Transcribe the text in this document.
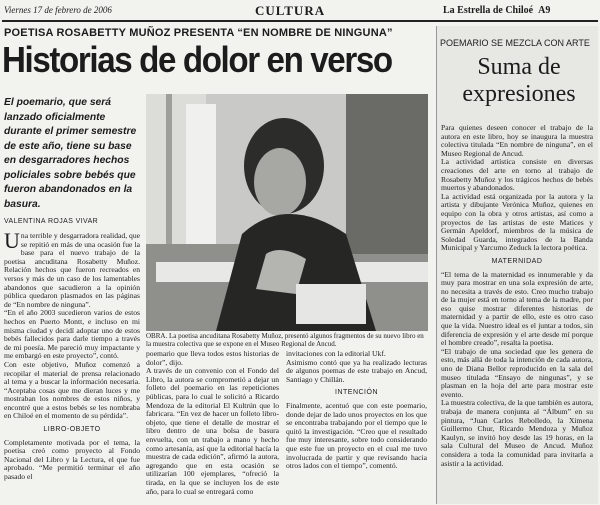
Viernes 17 de febrero de 2006	CULTURA	La Estrella de Chiloé A9
POETISA ROSABETTY MUÑOZ PRESENTA “EN NOMBRE DE NINGUNA”
Historias de dolor en verso
El poemario, que será lanzado oficialmente durante el primer semestre de este año, tiene su base en desgarradores hechos policiales sobre bebés que fueron abandonados en la basura.
VALENTINA ROJAS VIVAR
OBRA. La poetisa ancuditana Rosabetty Muñoz, presentó algunos fragmentos de su nuevo libro en la muestra colectiva que se expone en el Museo Regional de Ancud.

Una terrible y desgarradora realidad, que se repitió en más de una ocasión fue la base para el nuevo trabajo de la poetisa ancuditana Rosabetty Muñoz. Relación hechos que fueron recreados en versos y más de un caso de los lamentables abandonos que sacudieron a la opinión pública quedaron plasmados en las páginas de “En nombre de ninguna”.

“En el año 2003 sucedieron varios de estos hechos en Puerto Montt, e incluso en mi misma ciudad y decidí adoptar uno de estos bebés fallecidos para darle tiempo a través de mi poesía. Me pareció muy impactante y me embargó en este proyecto”, contó.

Con este objetivo, Muñoz comenzó a recopilar el material de prensa relacionado al tema y a buscar la información necesaria. “Aceptaba cosas que me dieran luces y me mostraban los nombres de estos niños, y encontré que a estos bebés se les nombraba en Chiloé en el momento de su pérdida”.

LIBRO-OBJETO

Completamente motivada por el tema, la poetisa creó como proyecto al Fondo Nacional del Libro y la Lectura, el que fue aprobado. “Me permitió terminar el año pasado el

poemario que lleva todos estos historias de dolor”, dijo.

A través de un convenio con el Fondo del Libro, la autora se comprometió a dejar un folleto del poemario en las repeticiones públicas, para lo cual le solicitó a Ricardo Mendoza de la editorial El Kultrún que lo fabricara. “En vez de hacer un folleto libro-objeto, que tiene el detalle de mostrar el libro dentro de una bolsa de basura envuelta, con un trabajo a mano y hecho como artesanía, así que la editorial hacía la muestra de cada edición”, afirmó la autora, agregando que en esta ocasión se utilizarían 100 ejemplares, “ofreció la tirada, en la que se incluyen los de este año, para lo cual se entregará como

invitaciones con la editorial Ukf.

Asimismo contó que ya ha realizado lecturas de algunos poemas de este trabajo en Ancud, Santiago y Chillán.

INTENCIÓN

Finalmente, acentuó que con este poemario, donde dejar de lado unos proyectos en los que se encontraba trabajando por el tiempo que le quitó la investigación. “Creo que el resultado fue muy interesante, sobre todo considerando que este fue un proyecto en el cual me tuvo involucrada de partir y que revisando hacia otros lados con el tiempo”, comentó.

POEMARIO SE MEZCLA CON ARTE
Suma de expresiones

Para quienes deseen conocer el trabajo de la autora en este libro, hoy se inaugura la muestra colectiva titulada “En nombre de ninguna”, en el Museo Regional de Ancud.

La actividad artística consiste en diversas creaciones del arte en torno al trabajo de Rosabetty Muñoz y los trágicos hechos de bebés muertos y abandonados.

La actividad está organizada por la autora y la artista y dibujante Verónica Muñoz, quienes en equipo con la obra y otros artistas, así como a proyectos de las artistas de este Matices y Germán Apeldorf, miembros de la música de Soledad Guarda, integrados de la Banda Municipal y Yarcumo Zeduck la lectora poética.

MATERNIDAD

“El tema de la maternidad es innumerable y da muy para mostrar en una sola expresión de arte, no necesita a través de esto. Creo mucho trabajo de la mujer está en torno al tema de la madre, por eso quise mostrar diferentes historias de maternidad y a partir de ello, este es otro caso que la vida. Nuestro ideal es el juntar a todos, sin diferencia de expresión y el arte desde mí porque el hombre creado”, resalta la poetisa.

“El trabajo de una sociedad que les genera de esto, más allá de toda la intención de cada autora, uno de Diana Bellor reproducido en la sala del museo titulada “Ensayo de ningunas”, y se plasman en la hoja del arte para mostrar este evento.

La muestra colectiva, de la que también es autora, trabaja de manera conjunta al “Álbum” en su pintura, “Juan Carlos Rebolledo, la Ximena Guillermo Chur, Ricardo Mendoza y Muñoz Kaulyn, se invitó hoy desde las 19 horas, en la sala Cultural del Museo de Ancud. Muñoz considera a toda la comunidad para invitarla a asistir a la actividad.
